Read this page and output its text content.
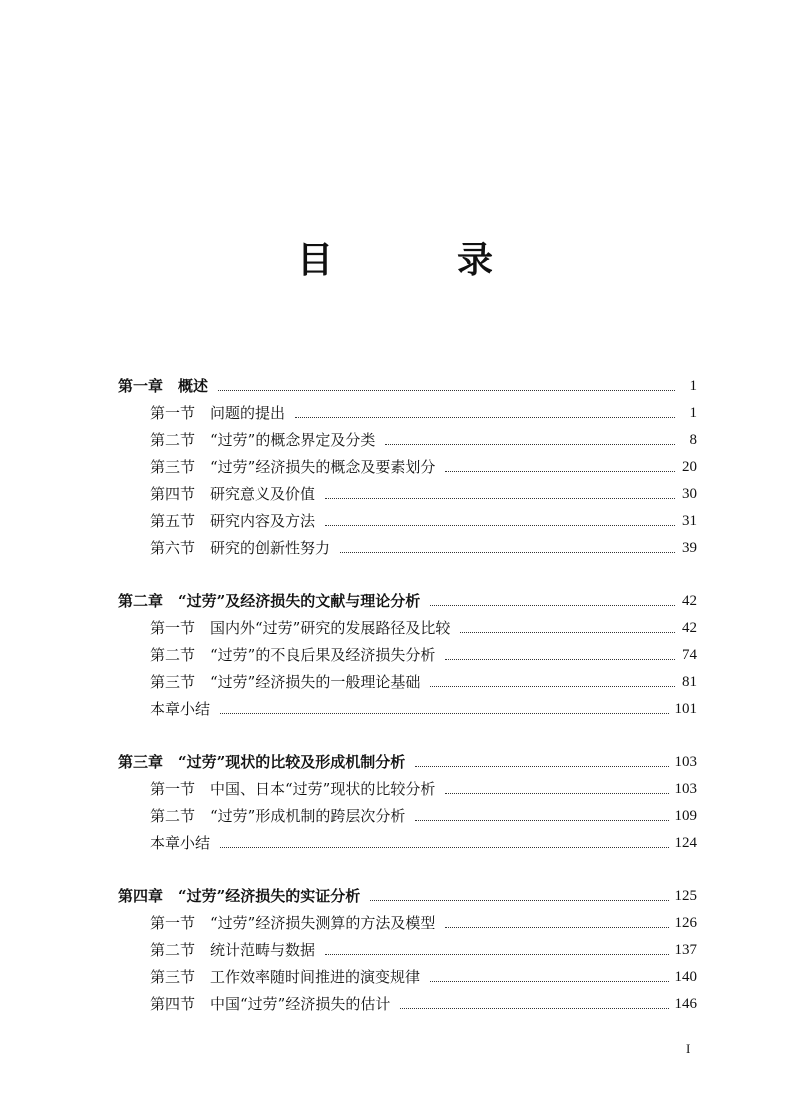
目　录
第一章　概述	1
第一节　问题的提出	1
第二节　“过劳”的概念界定及分类	8
第三节　“过劳”经济损失的概念及要素划分	20
第四节　研究意义及价值	30
第五节　研究内容及方法	31
第六节　研究的创新性努力	39
第二章　“过劳”及经济损失的文献与理论分析	42
第一节　国内外“过劳”研究的发展路径及比较	42
第二节　“过劳”的不良后果及经济损失分析	74
第三节　“过劳”经济损失的一般理论基础	81
本章小结	101
第三章　“过劳”现状的比较及形成机制分析	103
第一节　中国、日本“过劳”现状的比较分析	103
第二节　“过劳”形成机制的跨层次分析	109
本章小结	124
第四章　“过劳”经济损失的实证分析	125
第一节　“过劳”经济损失测算的方法及模型	126
第二节　统计范畴与数据	137
第三节　工作效率随时间推进的演变规律	140
第四节　中国“过劳”经济损失的估计	146
I
